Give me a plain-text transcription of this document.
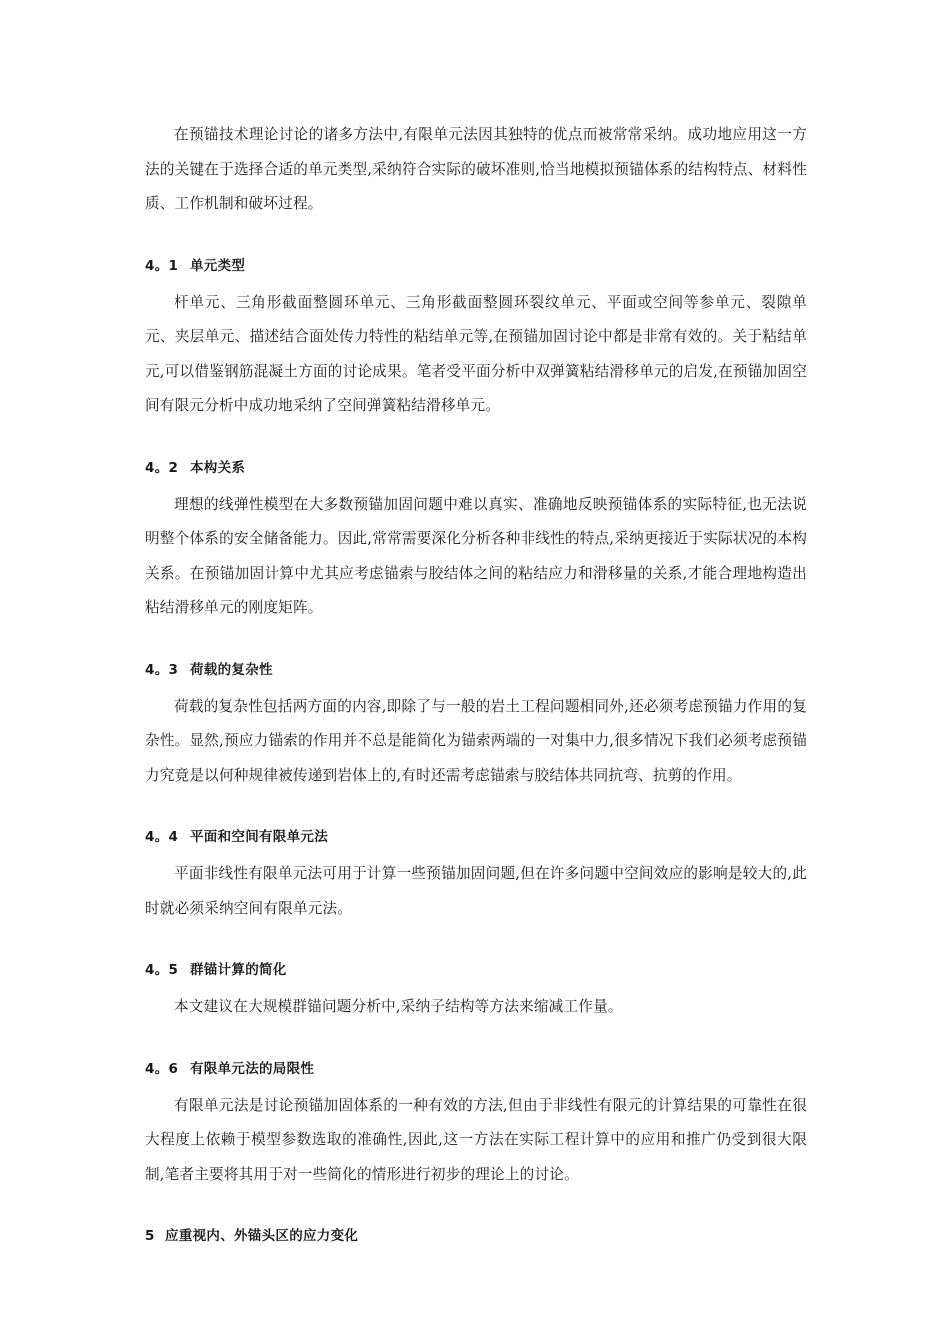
在预锚技术理论讨论的诸多方法中,有限单元法因其独特的优点而被常常采纳。成功地应用这一方法的关键在于选择合适的单元类型,采纳符合实际的破坏准则,恰当地模拟预锚体系的结构特点、材料性质、工作机制和破坏过程。

4。1 单元类型

杆单元、三角形截面整圆环单元、三角形截面整圆环裂纹单元、平面或空间等参单元、裂隙单元、夹层单元、描述结合面处传力特性的粘结单元等,在预锚加固讨论中都是非常有效的。关于粘结单元,可以借鉴钢筋混凝土方面的讨论成果。笔者受平面分析中双弹簧粘结滑移单元的启发,在预锚加固空间有限元分析中成功地采纳了空间弹簧粘结滑移单元。

4。2 本构关系

理想的线弹性模型在大多数预锚加固问题中难以真实、准确地反映预锚体系的实际特征,也无法说明整个体系的安全储备能力。因此,常常需要深化分析各种非线性的特点,采纳更接近于实际状况的本构关系。在预锚加固计算中尤其应考虑锚索与胶结体之间的粘结应力和滑移量的关系,才能合理地构造出粘结滑移单元的刚度矩阵。

4。3 荷载的复杂性

荷载的复杂性包括两方面的内容,即除了与一般的岩土工程问题相同外,还必须考虑预锚力作用的复杂性。显然,预应力锚索的作用并不总是能简化为锚索两端的一对集中力,很多情况下我们必须考虑预锚力究竟是以何种规律被传递到岩体上的,有时还需考虑锚索与胶结体共同抗弯、抗剪的作用。

4。4 平面和空间有限单元法

平面非线性有限单元法可用于计算一些预锚加固问题,但在许多问题中空间效应的影响是较大的,此时就必须采纳空间有限单元法。

4。5 群锚计算的简化

本文建议在大规模群锚问题分析中,采纳子结构等方法来缩减工作量。

4。6 有限单元法的局限性

有限单元法是讨论预锚加固体系的一种有效的方法,但由于非线性有限元的计算结果的可靠性在很大程度上依赖于模型参数选取的准确性,因此,这一方法在实际工程计算中的应用和推广仍受到很大限制,笔者主要将其用于对一些简化的情形进行初步的理论上的讨论。

5 应重视内、外锚头区的应力变化
